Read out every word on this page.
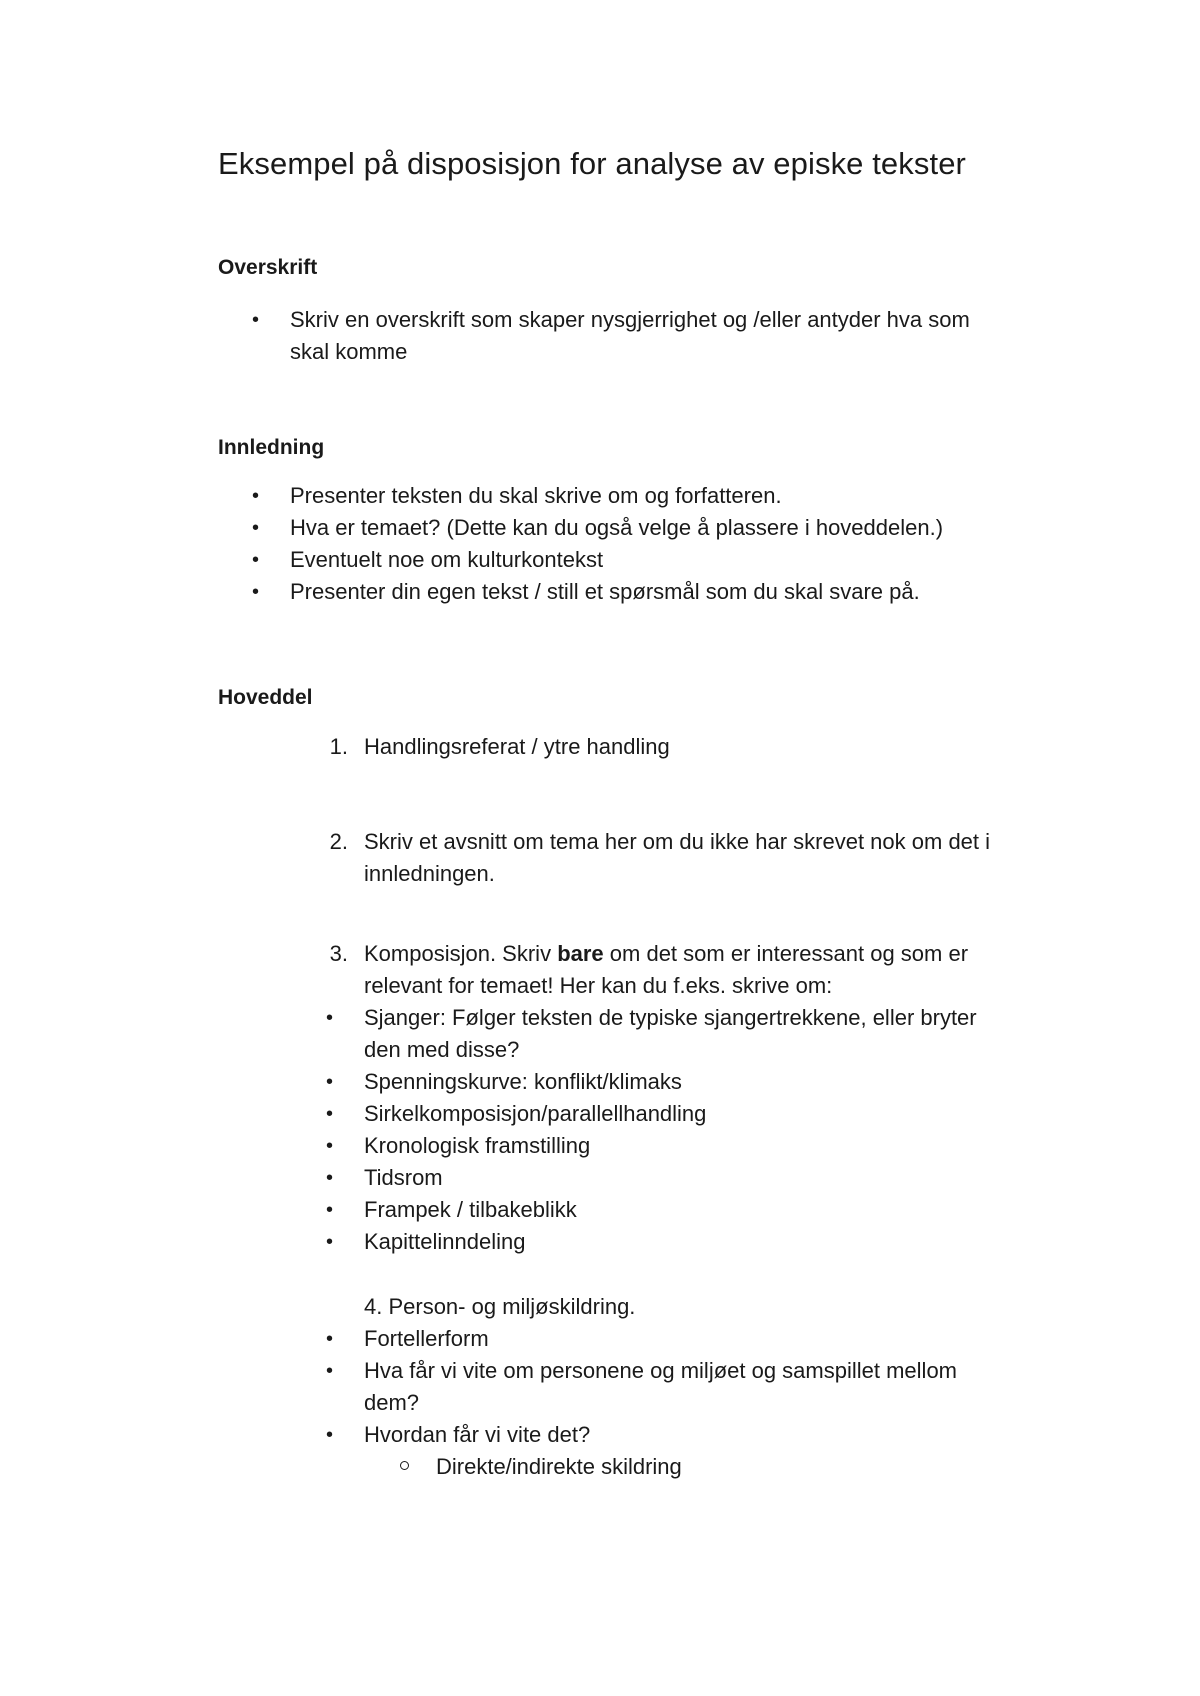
Eksempel på disposisjon for analyse av episke tekster
Overskrift
• Skriv en overskrift som skaper nysgjerrighet og /eller antyder hva som
skal komme
Innledning
• Presenter teksten du skal skrive om og forfatteren.
• Hva er temaet? (Dette kan du også velge å plassere i hoveddelen.)
• Eventuelt noe om kulturkontekst
• Presenter din egen tekst / still et spørsmål som du skal svare på.
Hoveddel
1. Handlingsreferat / ytre handling
2. Skriv et avsnitt om tema her om du ikke har skrevet nok om det i
innledningen.
3. Komposisjon. Skriv bare om det som er interessant og som er
relevant for temaet! Her kan du f.eks. skrive om:
• Sjanger: Følger teksten de typiske sjangertrekkene, eller bryter
den med disse?
• Spenningskurve: konflikt/klimaks
• Sirkelkomposisjon/parallellhandling
• Kronologisk framstilling
• Tidsrom
• Frampek / tilbakeblikk
• Kapittelinndeling
4. Person- og miljøskildring.
• Fortellerform
• Hva får vi vite om personene og miljøet og samspillet mellom
dem?
• Hvordan får vi vite det?
Direkte/indirekte skildring
